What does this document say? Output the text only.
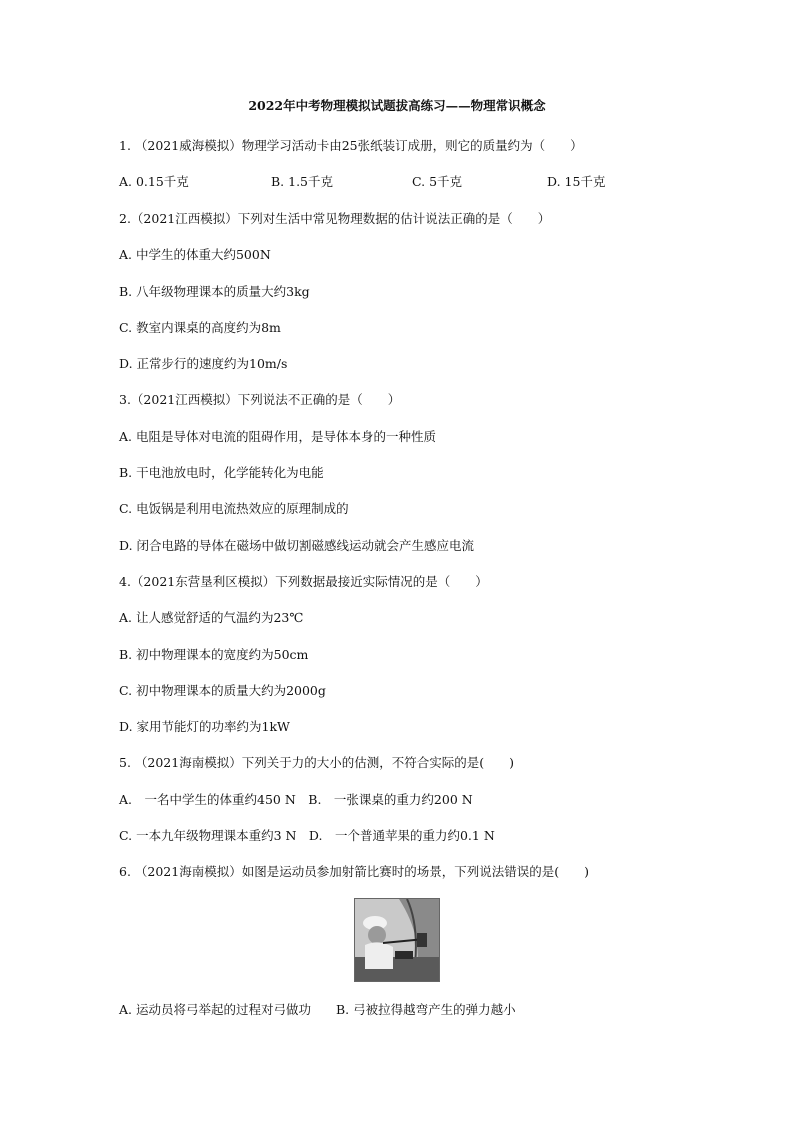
2022年中考物理模拟试题拔高练习——物理常识概念
1. （2021威海模拟）物理学习活动卡由25张纸装订成册，则它的质量约为（　　）
A. 0.15千克	B. 1.5千克	C. 5千克	D. 15千克
2.（2021江西模拟）下列对生活中常见物理数据的估计说法正确的是（　　）
A. 中学生的体重大约500N
B. 八年级物理课本的质量大约3kg
C. 教室内课桌的高度约为8m
D. 正常步行的速度约为10m/s
3.（2021江西模拟）下列说法不正确的是（　　）
A. 电阻是导体对电流的阻碍作用，是导体本身的一种性质
B. 干电池放电时，化学能转化为电能
C. 电饭锅是利用电流热效应的原理制成的
D. 闭合电路的导体在磁场中做切割磁感线运动就会产生感应电流
4.（2021东营垦利区模拟）下列数据最接近实际情况的是（　　）
A. 让人感觉舒适的气温约为23℃
B. 初中物理课本的宽度约为50cm
C. 初中物理课本的质量大约为2000g
D. 家用节能灯的功率约为1kW
5. （2021海南模拟）下列关于力的大小的估测，不符合实际的是(　　)
A.　一名中学生的体重约450 N　B.　一张课桌的重力约200 N
C. 一本九年级物理课本重约3 N　D.　一个普通苹果的重力约0.1 N
6. （2021海南模拟）如图是运动员参加射箭比赛时的场景，下列说法错误的是(　　)
A. 运动员将弓举起的过程对弓做功　　B. 弓被拉得越弯产生的弹力越小
